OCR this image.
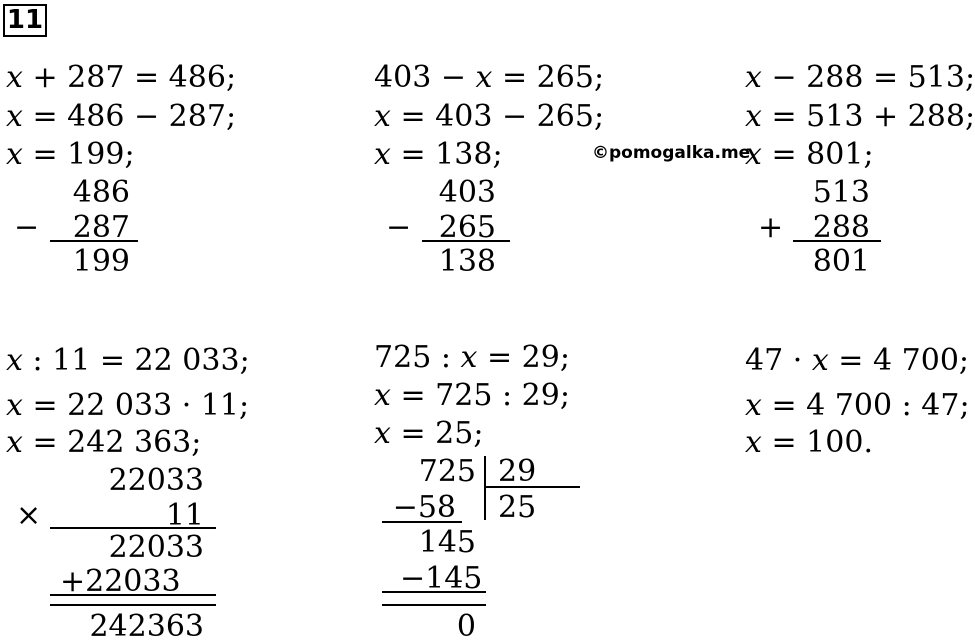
11
x + 287 = 486;
x = 486 − 287;
x = 199;
486
−	287
199
403 − x = 265;
x = 403 − 265;
x = 138;
403
− 265
138
©pomogalka.me
x − 288 = 513;
x = 513 + 288;
x = 801;
513
+ 288
801
x : 11 = 22 033;
x = 22 033 · 11;
x = 242 363;
22033
×	11
22033
+22033
242363
725 : x = 29;
x = 725 : 29;
x = 25;
725 29
−58 25
145
−145
0
47 · x = 4 700;
x = 4 700 : 47;
x = 100.
